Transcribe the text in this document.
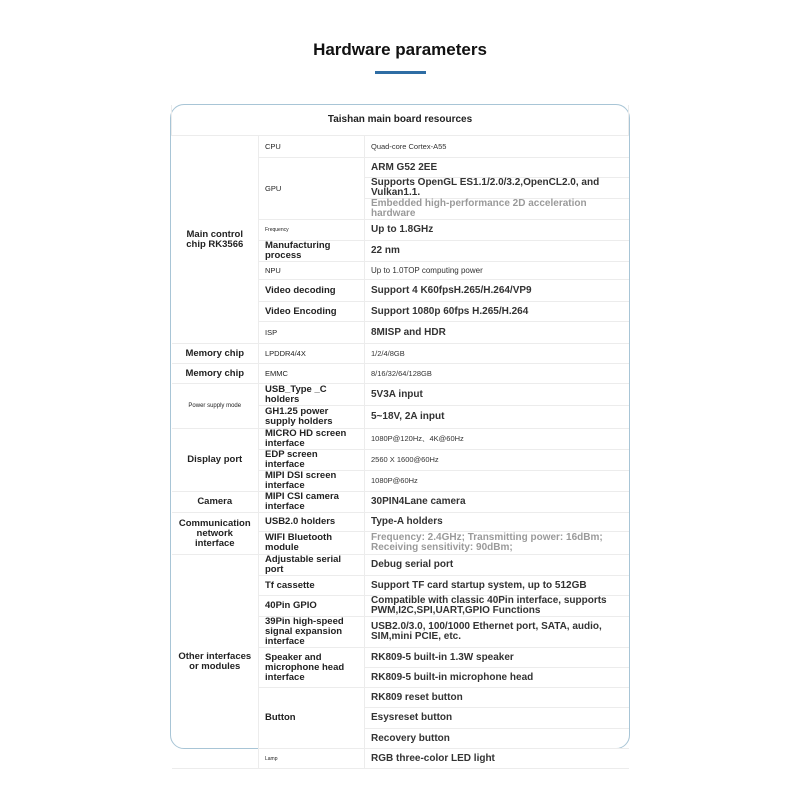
Hardware parameters
Taishan main board resources		
Main control chip RK3566	CPU	Quad-core Cortex-A55
	GPU	ARM G52 2EE
		Supports OpenGL ES1.1/2.0/3.2,OpenCL2.0, and Vulkan1.1.
		Embedded high-performance 2D acceleration hardware
	Frequency	Up to 1.8GHz
	Manufacturing process	22 nm
	NPU	Up to 1.0TOP computing power
	Video decoding	Support 4 K60fpsH.265/H.264/VP9
	Video Encoding	Support 1080p 60fps H.265/H.264
	ISP	8MISP and HDR
Memory chip	LPDDR4/4X	1/2/4/8GB
Memory chip	EMMC	8/16/32/64/128GB
Power supply mode	USB_Type _C holders	5V3A input
	GH1.25 power supply holders	5~18V, 2A input
Display port	MICRO HD screen interface	1080P@120Hz、4K@60Hz
	EDP screen interface	2560 X 1600@60Hz
	MIPI DSI screen interface	1080P@60Hz
Camera	MIPI CSI camera interface	30PIN4Lane camera
Communication network interface	USB2.0 holders	Type-A holders
	WIFI Bluetooth module	Frequency: 2.4GHz; Transmitting power: 16dBm; Receiving sensitivity: 90dBm;
Other interfaces or modules	Adjustable serial port	Debug serial port
	Tf cassette	Support TF card startup system, up to 512GB
	40Pin GPIO	Compatible with classic 40Pin interface, supports PWM,I2C,SPI,UART,GPIO Functions
	39Pin high-speed signal expansion interface	USB2.0/3.0, 100/1000 Ethernet port, SATA, audio, SIM,mini PCIE, etc.
	Speaker and microphone head interface	RK809-5 built-in 1.3W speaker
		RK809-5 built-in microphone head
	Button	RK809 reset button
		Esysreset button
		Recovery button
	Lamp	RGB three-color LED light
